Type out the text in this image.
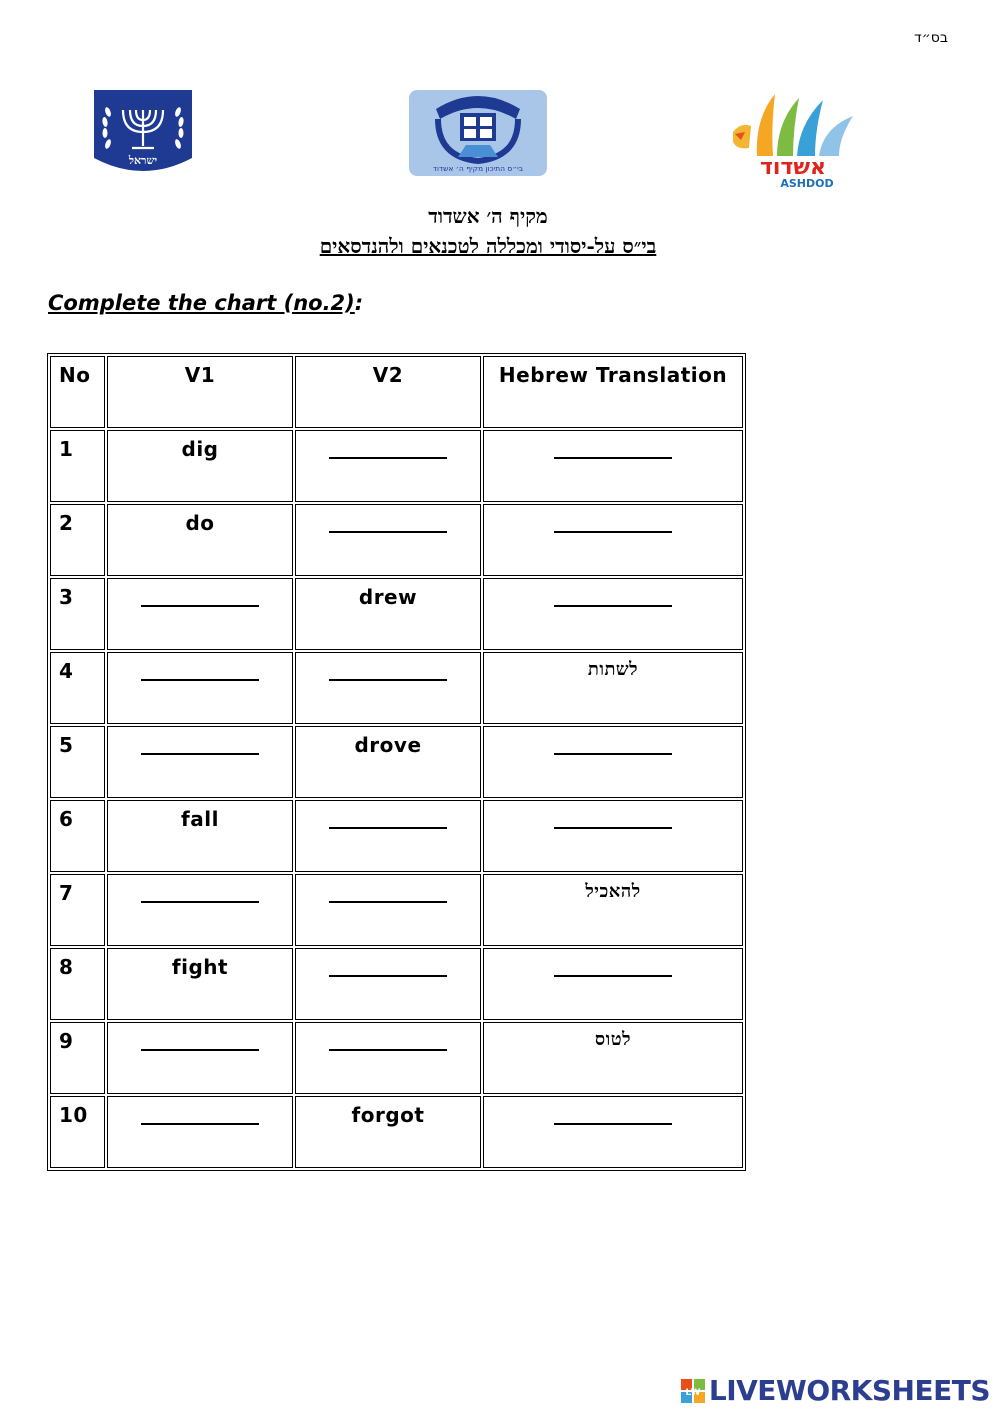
בס״ד
ישראל
בי״ס התיכון מקיף ה׳ אשדוד	אשדוד
ASHDOD
מקיף ה׳ אשדוד
בי״ס על-יסודי ומכללה לטכנאים ולהנדסאים
Complete the chart (no.2):
No	V1	V2	Hebrew Translation
1	dig		
2	do		
3		drew	
4			לשתות
5		drove	
6	fall		
7			להאכיל
8	fight		
9			לטוס
10		forgot	
LW LIVEWORKSHEETS
